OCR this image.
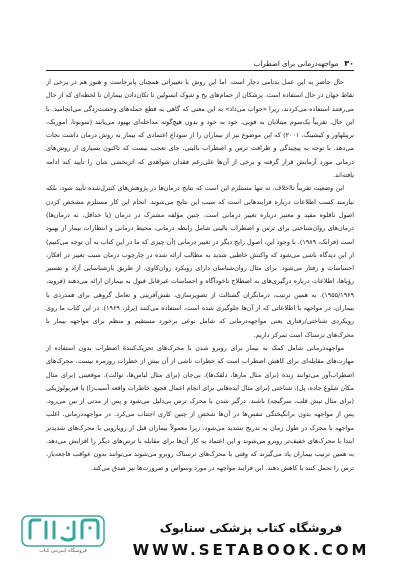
۳۰
مواجهه‌درمانی برای اضطراب

حال حاضر به این عمل بدنامی دچار است. اما این روش با تغییراتی همچنان پابرجاست و هنوز هم در برخی از نقاط جهان در حال استفاده است. پزشکان از حمام‌های یخ و شوک انسولین تا تکان‌دادن بیماران تا لحظه‌ای که از حال می‌رفتند استفاده می‌کردند، زیرا «جواب می‌داد» به این معنی که گاهی به قطع حمله‌های وحشت‌زدگی می‌انجامید. با این حال، تقریباً یک‌سوم مبتلایان به فوبی، خود به خود و بدون هیچ‌گونه مداخله‌ای بهبود می‌یابند (سوبوتا، اموریک، برینلهاور و کیشینگ، ۲۰۰۱) که این موضوع نیز از بیماران را از سوداع اعتمادی که بیمار به روش درمان داشت نجات می‌دهد. با توجه به پیچیدگی و ظرافت ترس و اضطراب بالینی، جای تعجب نیست که تاکنون بسیاری از روش‌های درمانی مورد آزمایش قرار گرفته و برخی از آن‌ها علی‌رغم فقدان شواهدی که اثربخشی شان را تأیید کند ادامه یافته‌اند.

این وضعیت تقریباً تا‌اخلاف، نه تنها مستلزم این است که نتایج درمان‌ها در پژوهش‌های کنترل‌شده تأیید شود، بلکه نیازمند کسب اطلاعات درباره فرایندهایی است که سبب این نتایج می‌شوند. انجام این کار مستلزم مشخص کردن اصول ناقلوه مفید و معتبر درباره تغییر درمانی است. چنین مؤلفه مشترک در درمان (یا حداقل، نه درمان‌ها) درمان‌های روان‌شناختی برای ترس و اضطراب بالینی شامل رابطه درمانی، محیط درمانی و انتظارات بیمار از بهبود است (فرانک، ۱۹۸۹). با وجود این، اصول رایج دیگر در تغییر درمانی (آن چیزی که ما در این کتاب به آن توجه می‌کنیم) از این دیدگاه ناشی می‌شود که واکنش خاطبی شدید به مطالب ارائه شده در چارچوب درمان سبب تغییر در افکار، احساسات و رفتار می‌شود. برای مثال روان‌شناسان دارای رویکرد روان‌کاوی، از طریق بازشناسایی آزاد و تفسیر رؤیاها، اطلاعات درباره درگیری‌های به اصطلاح ناخودآگاه و احساسات غیرقابل قبول به بیماران ارائه می‌دهند (فروید، ۱۹۵۵/۱۹۶۹). به همین ترتیب، درمانگران گشتالت از تصویرسازی، نقش‌آفرینی و تعامل گروهی برای همدردی با بیماران، در مواجهه با اطلاعاتی که از آن‌ها جلوگیری شده است، استفاده می‌کنند (پرلز، ۱۹۶۹). در این کتاب ما روی رویکردی شناختی/رفتاری یعنی مواجهه‌درمانی که شامل نوعی برخورد مستقیم و منظم برای مواجهه بیمار با محرک‌های ترسناک است تمرکز داریم.

مواجهه‌درمانی شامل کمک به بیمار برای روبرو شدن با محرک‌های تحریک‌کنندهٔ اضطراب بدون استفاده از مهارت‌های مقابله‌ای برای کاهش اضطراب است که خطرات ناشی از آن بیش از خطرات روزمره نیست. محرک‌های اضطراب‌آور می‌توانند زنده (برای مثال مارها، دلقک‌ها)، بی‌جان (برای مثال لباس‌ها، توالت)، موقعیتی (برای مثال مکان شلوغ جاده، پل)، شناختی (برای مثال ایده‌هایی برای انجام اعمال فجیع، خاطرات واقعه آسیب‌زا) یا فیزیولوژیکی (برای مثال تپش قلب، سرگیجه) باشند. درگیر شدن با محرک ترس بی‌دلیل می‌شود و پس از مدتی از بین می‌رود. پس از مواجهه بدون برانگیختگی تنفس‌ها در آن‌ها شخص از چنین کاری اجتناب می‌کرد. در مواجهه‌درمانی، اغلب مواجهه با محرک در طول زمان به تدریج تشدید می‌شود، زیرا معمولاً بیماران قبل از رویارویی با محرک‌های شدیدتر ابتدا با محرک‌های خفیف‌تر روبرو می‌شوند و این اعتماد به کار آن‌ها برای مقابله با ترس‌های دیگر را افزایش می‌دهد. به همین ترتیب بیماران یاد می‌گیرند که وقتی با محرک‌های ترسناک روبرو می‌شوند می‌توانند بدون عواقب فاجعه‌بار، ترس را تحمل کنند یا کاهش دهند. این فرایند مواجهه در مورد وسواس و ضرورت‌ها نیز صدق می‌کند.

فروشگاه اینترنتی کتاب
فروشگاه کتاب پزشکی ستابوک
WWW.SETABOOK.COM
